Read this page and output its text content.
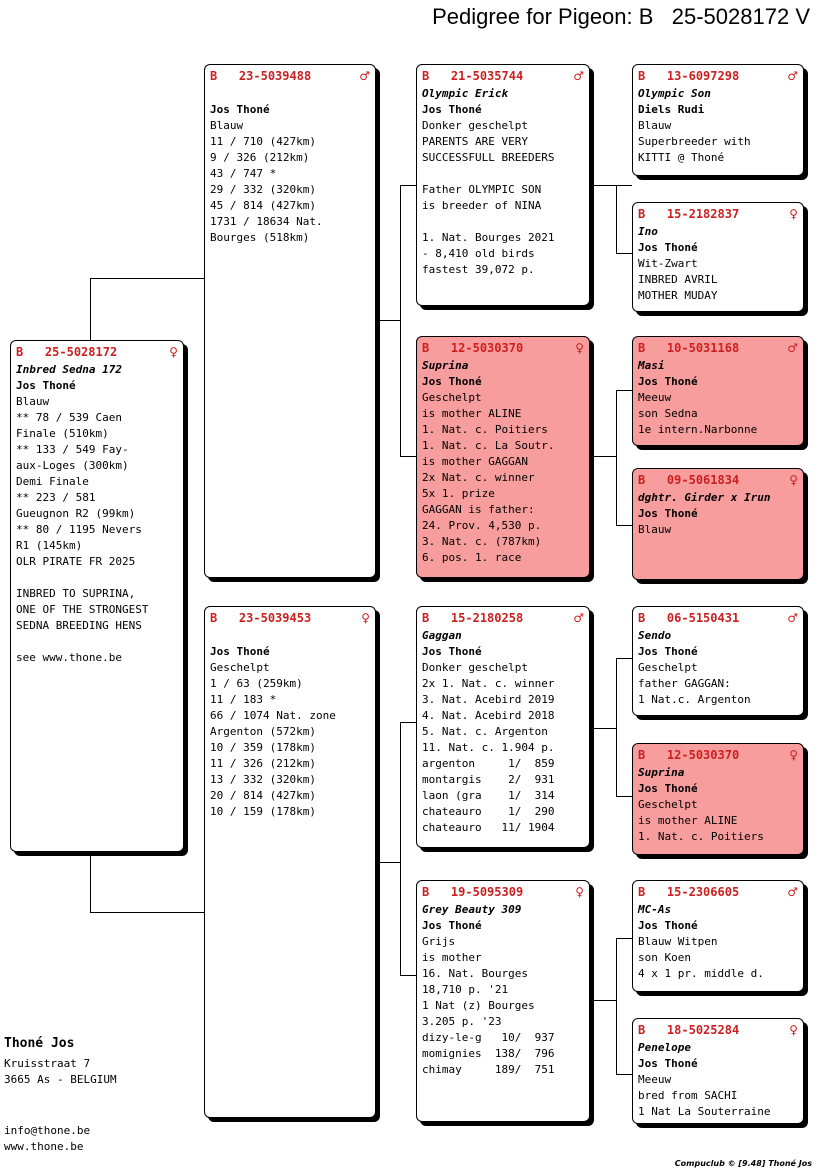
Pedigree for Pigeon: B   25-5028172 V
B 25-5028172	♀
Inbred Sedna 172
Jos Thoné
Blauw
** 78 / 539 Caen
Finale (510km)
** 133 / 549 Fay-
aux-Loges (300km)
Demi Finale
** 223 / 581
Gueugnon R2 (99km)
** 80 / 1195 Nevers
R1 (145km)
OLR PIRATE FR 2025

INBRED TO SUPRINA,
ONE OF THE STRONGEST
SEDNA BREEDING HENS

see www.thone.be
B 23-5039488	♂
Jos Thoné
Blauw
11 / 710 (427km)
9 / 326 (212km)
43 / 747 *
29 / 332 (320km)
45 / 814 (427km)
1731 / 18634 Nat.
Bourges (518km)
B 23-5039453	♀
Jos Thoné
Geschelpt
1 / 63 (259km)
11 / 183 *
66 / 1074 Nat. zone
Argenton (572km)
10 / 359 (178km)
11 / 326 (212km)
13 / 332 (320km)
20 / 814 (427km)
10 / 159 (178km)
B 21-5035744	♂
Olympic Erick
Jos Thoné
Donker geschelpt
PARENTS ARE VERY
SUCCESSFULL BREEDERS

Father OLYMPIC SON
is breeder of NINA

1. Nat. Bourges 2021
- 8,410 old birds
fastest 39,072 p.
B 12-5030370	♀
Suprina
Jos Thoné
Geschelpt
is mother ALINE
1. Nat. c. Poitiers
1. Nat. c. La Soutr.
is mother GAGGAN
2x Nat. c. winner
5x 1. prize
GAGGAN is father:
24. Prov. 4,530 p.
3. Nat. c. (787km)
6. pos. 1. race
B 15-2180258	♂
Gaggan
Jos Thoné
Donker geschelpt
2x 1. Nat. c. winner
3. Nat. Acebird 2019
4. Nat. Acebird 2018
5. Nat. c. Argenton
11. Nat. c. 1.904 p.
argenton     1/  859
montargis    2/  931
laon (gra    1/  314
chateauro    1/  290
chateauro   11/ 1904
B 19-5095309	♀
Grey Beauty 309
Jos Thoné
Grijs
is mother
16. Nat. Bourges
18,710 p. '21
1 Nat (z) Bourges
3.205 p. '23
dizy-le-g   10/  937
momignies  138/  796
chimay     189/  751
B 13-6097298	♂
Olympic Son
Diels Rudi
Blauw
Superbreeder with
KITTI @ Thoné
B 15-2182837	♀
Ino
Jos Thoné
Wit-Zwart
INBRED AVRIL
MOTHER MUDAY
B 10-5031168	♂
Masi
Jos Thoné
Meeuw
son Sedna
1e intern.Narbonne
B 09-5061834	♀
dghtr. Girder x Irun
Jos Thoné
Blauw
B 06-5150431	♂
Sendo
Jos Thoné
Geschelpt
father GAGGAN:
1 Nat.c. Argenton
B 12-5030370	♀
Suprina
Jos Thoné
Geschelpt
is mother ALINE
1. Nat. c. Poitiers
B 15-2306605	♂
MC-As
Jos Thoné
Blauw Witpen
son Koen
4 x 1 pr. middle d.
B 18-5025284	♀
Penelope
Jos Thoné
Meeuw
bred from SACHI
1 Nat La Souterraine
Thoné Jos
Kruisstraat 7
3665 As - BELGIUM
info@thone.be
www.thone.be
Compuclub © [9.48] Thoné Jos
